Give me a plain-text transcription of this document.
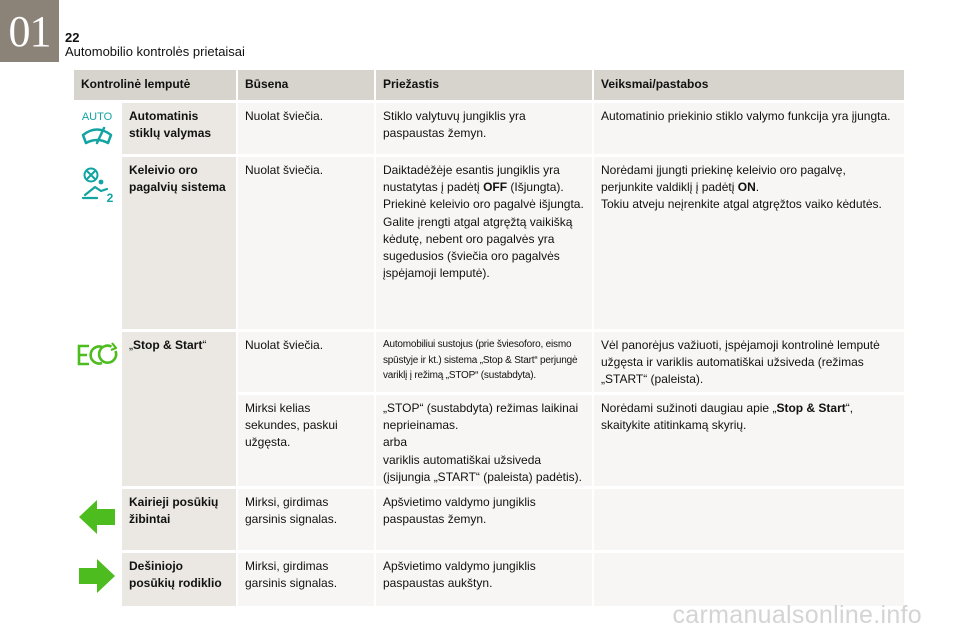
01	22
Automobilio kontrolės prietaisai
Kontrolinė lemputė		Būsena	Priežastis	Veiksmai/pastabos

AUTO	Automatinis stiklų valymas	Nuolat šviečia.	Stiklo valytuvų jungiklis yra paspaustas žemyn.	Automatinio priekinio stiklo valymo funkcija yra įjungta.

2	Keleivio oro pagalvių sistema	Nuolat šviečia.	Daiktadėžėje esantis jungiklis yra nustatytas į padėtį OFF (Išjungta).
Priekinė keleivio oro pagalvė išjungta.
Galite įrengti atgal atgręžtą vaikišką kėdutę, nebent oro pagalvės yra sugedusios (šviečia oro pagalvės įspėjamoji lemputė).	Norėdami įjungti priekinę keleivio oro pagalvę, perjunkite valdiklį į padėtį ON.
Tokiu atveju neįrenkite atgal atgręžtos vaiko kėdutės.

	„Stop & Start“	Nuolat šviečia.	Automobiliui sustojus (prie šviesoforo, eismo spūstyje ir kt.) sistema „Stop & Start“ perjungė variklį į režimą „STOP“ (sustabdyta).	Vėl panorėjus važiuoti, įspėjamoji kontrolinė lemputė užgęsta ir variklis automatiškai užsiveda (režimas „START“ (paleista).
		Mirksi kelias sekundes, paskui užgęsta.	„STOP“ (sustabdyta) režimas laikinai neprieinamas.
arba
variklis automatiškai užsiveda (įsijungia „START“ (paleista) padėtis).	Norėdami sužinoti daugiau apie „Stop & Start“, skaitykite atitinkamą skyrių.

	Kairieji posūkių žibintai	Mirksi, girdimas garsinis signalas.	Apšvietimo valdymo jungiklis paspaustas žemyn.	

	Dešiniojo posūkių rodiklio	Mirksi, girdimas garsinis signalas.	Apšvietimo valdymo jungiklis paspaustas aukštyn.	
carmanualsonline.info
